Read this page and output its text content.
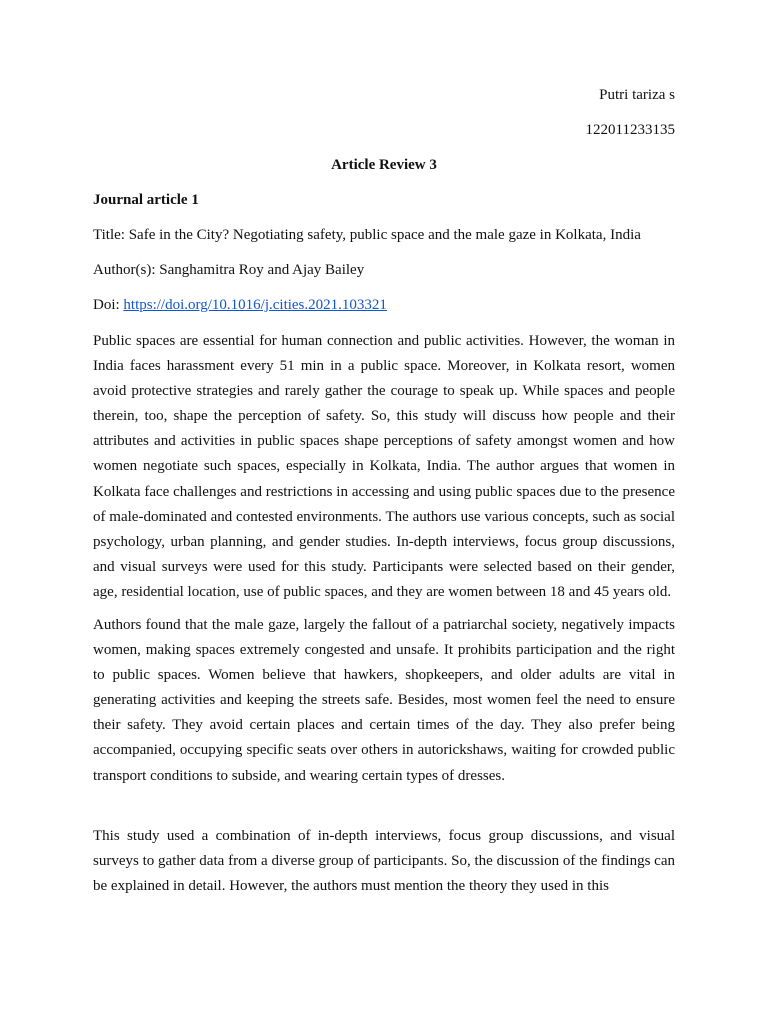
Putri tariza s
122011233135
Article Review 3
Journal article 1
Title: Safe in the City? Negotiating safety, public space and the male gaze in Kolkata, India
Author(s): Sanghamitra Roy and Ajay Bailey
Doi: https://doi.org/10.1016/j.cities.2021.103321

Public spaces are essential for human connection and public activities. However, the woman in India faces harassment every 51 min in a public space. Moreover, in Kolkata resort, women avoid protective strategies and rarely gather the courage to speak up. While spaces and people therein, too, shape the perception of safety. So, this study will discuss how people and their attributes and activities in public spaces shape perceptions of safety amongst women and how women negotiate such spaces, especially in Kolkata, India. The author argues that women in Kolkata face challenges and restrictions in accessing and using public spaces due to the presence of male-dominated and contested environments. The authors use various concepts, such as social psychology, urban planning, and gender studies. In-depth interviews, focus group discussions, and visual surveys were used for this study. Participants were selected based on their gender, age, residential location, use of public spaces, and they are women between 18 and 45 years old.

Authors found that the male gaze, largely the fallout of a patriarchal society, negatively impacts women, making spaces extremely congested and unsafe. It prohibits participation and the right to public spaces. Women believe that hawkers, shopkeepers, and older adults are vital in generating activities and keeping the streets safe. Besides, most women feel the need to ensure their safety. They avoid certain places and certain times of the day. They also prefer being accompanied, occupying specific seats over others in autorickshaws, waiting for crowded public transport conditions to subside, and wearing certain types of dresses.

This study used a combination of in-depth interviews, focus group discussions, and visual surveys to gather data from a diverse group of participants. So, the discussion of the findings can be explained in detail. However, the authors must mention the theory they used in this
